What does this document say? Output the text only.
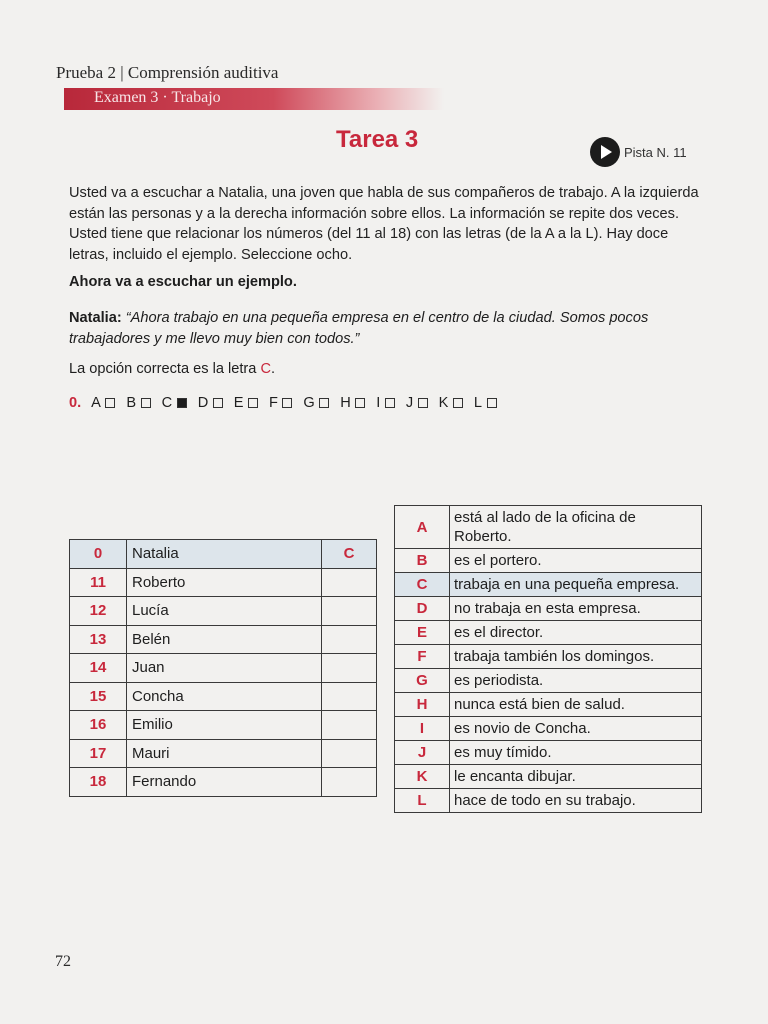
Prueba 2 | Comprensión auditiva
Examen 3 · Trabajo
Tarea 3	Pista N. 11

Usted va a escuchar a Natalia, una joven que habla de sus compañeros de trabajo. A la izquierda están las personas y a la derecha información sobre ellos. La información se repite dos veces. Usted tiene que relacionar los números (del 11 al 18) con las letras (de la A a la L). Hay doce letras, incluido el ejemplo. Seleccione ocho.

Ahora va a escuchar un ejemplo.

Natalia: “Ahora trabajo en una pequeña empresa en el centro de la ciudad. Somos pocos trabajadores y me llevo muy bien con todos.”

La opción correcta es la letra C.
0. A B C D E F G H I J K L
0	Natalia	C
11	Roberto	
12	Lucía	
13	Belén	
14	Juan	
15	Concha	
16	Emilio	
17	Mauri	
18	Fernando	
A	está al lado de la oficina de Roberto.
B	es el portero.
C	trabaja en una pequeña empresa.
D	no trabaja en esta empresa.
E	es el director.
F	trabaja también los domingos.
G	es periodista.
H	nunca está bien de salud.
I	es novio de Concha.
J	es muy tímido.
K	le encanta dibujar.
L	hace de todo en su trabajo.
72
